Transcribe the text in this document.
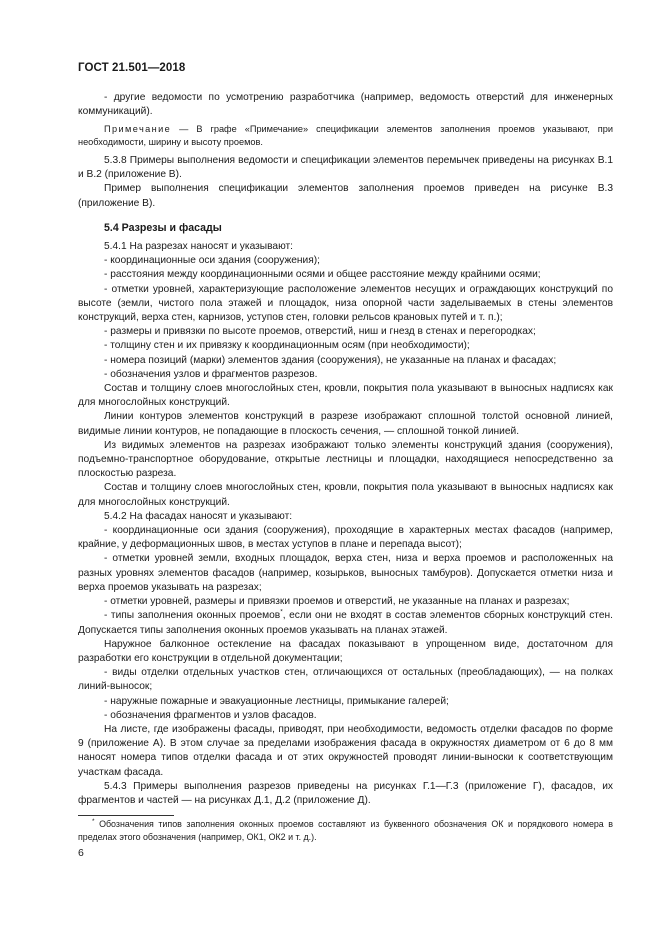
ГОСТ 21.501—2018

- другие ведомости по усмотрению разработчика (например, ведомость отверстий для инженерных коммуникаций).

Примечание — В графе «Примечание» спецификации элементов заполнения проемов указывают, при необходимости, ширину и высоту проемов.

5.3.8 Примеры выполнения ведомости и спецификации элементов перемычек приведены на рисунках В.1 и В.2 (приложение В).

Пример выполнения спецификации элементов заполнения проемов приведен на рисунке В.3 (приложение В).

5.4 Разрезы и фасады

5.4.1 На разрезах наносят и указывают:

- координационные оси здания (сооружения);

- расстояния между координационными осями и общее расстояние между крайними осями;

- отметки уровней, характеризующие расположение элементов несущих и ограждающих конструкций по высоте (земли, чистого пола этажей и площадок, низа опорной части заделываемых в стены элементов конструкций, верха стен, карнизов, уступов стен, головки рельсов крановых путей и т. п.);

- размеры и привязки по высоте проемов, отверстий, ниш и гнезд в стенах и перегородках;

- толщину стен и их привязку к координационным осям (при необходимости);

- номера позиций (марки) элементов здания (сооружения), не указанные на планах и фасадах;

- обозначения узлов и фрагментов разрезов.

Состав и толщину слоев многослойных стен, кровли, покрытия пола указывают в выносных надписях как для многослойных конструкций.

Линии контуров элементов конструкций в разрезе изображают сплошной толстой основной линией, видимые линии контуров, не попадающие в плоскость сечения, — сплошной тонкой линией.

Из видимых элементов на разрезах изображают только элементы конструкций здания (сооружения), подъемно-транспортное оборудование, открытые лестницы и площадки, находящиеся непосредственно за плоскостью разреза.

Состав и толщину слоев многослойных стен, кровли, покрытия пола указывают в выносных надписях как для многослойных конструкций.

5.4.2 На фасадах наносят и указывают:

- координационные оси здания (сооружения), проходящие в характерных местах фасадов (например, крайние, у деформационных швов, в местах уступов в плане и перепада высот);

- отметки уровней земли, входных площадок, верха стен, низа и верха проемов и расположенных на разных уровнях элементов фасадов (например, козырьков, выносных тамбуров). Допускается отметки низа и верха проемов указывать на разрезах;

- отметки уровней, размеры и привязки проемов и отверстий, не указанные на планах и разрезах;

- типы заполнения оконных проемов*, если они не входят в состав элементов сборных конструкций стен. Допускается типы заполнения оконных проемов указывать на планах этажей.

Наружное балконное остекление на фасадах показывают в упрощенном виде, достаточном для разработки его конструкции в отдельной документации;

- виды отделки отдельных участков стен, отличающихся от остальных (преобладающих), — на полках линий-выносок;

- наружные пожарные и эвакуационные лестницы, примыкание галерей;

- обозначения фрагментов и узлов фасадов.

На листе, где изображены фасады, приводят, при необходимости, ведомость отделки фасадов по форме 9 (приложение А). В этом случае за пределами изображения фасада в окружностях диаметром от 6 до 8 мм наносят номера типов отделки фасада и от этих окружностей проводят линии-выноски к соответствующим участкам фасада.

5.4.3 Примеры выполнения разрезов приведены на рисунках Г.1—Г.3 (приложение Г), фасадов, их фрагментов и частей — на рисунках Д.1, Д.2 (приложение Д).

* Обозначения типов заполнения оконных проемов составляют из буквенного обозначения ОК и порядкового номера в пределах этого обозначения (например, ОК1, ОК2 и т. д.).
6
